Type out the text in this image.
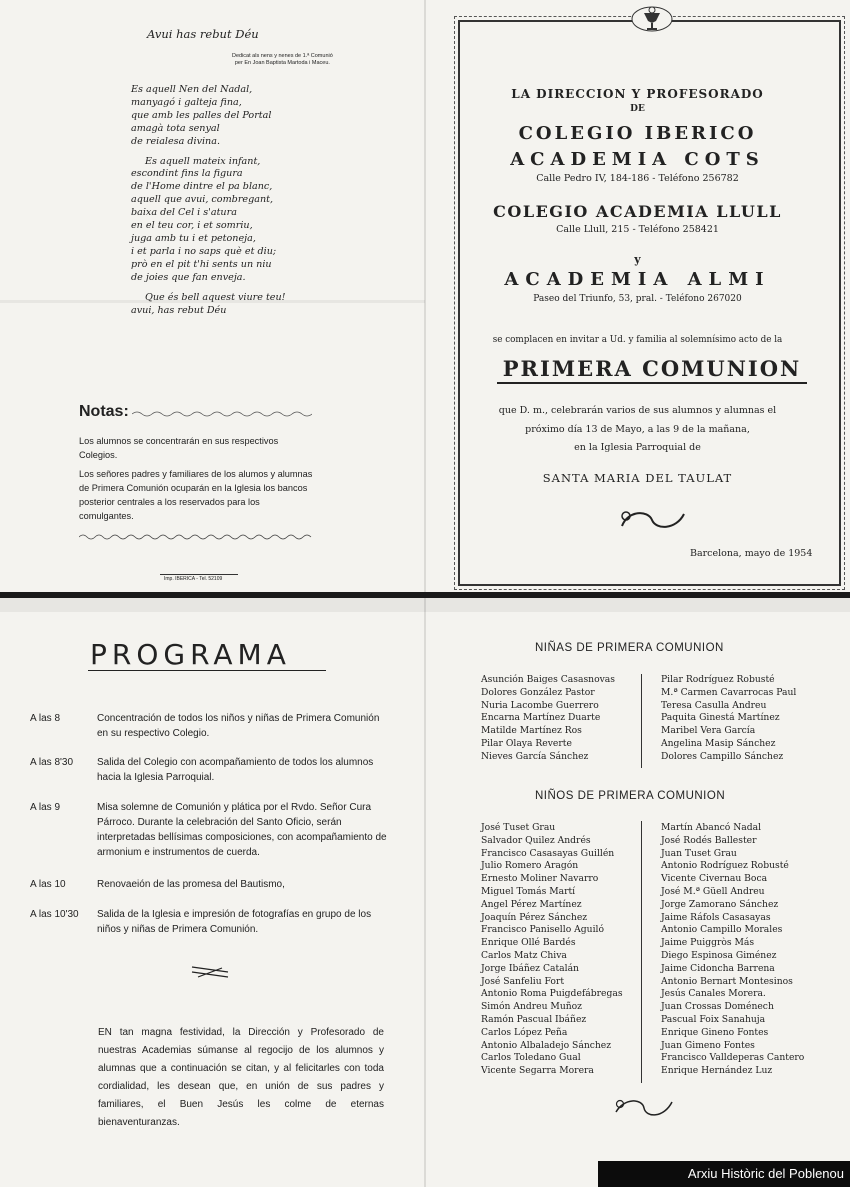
Avui has rebut Déu
Dedicat als nens y nenes de 1.ª Comunió
per En Joan Baptista Martoda i Maceu.

Es aquell Nen del Nadal,

manyagó i galteja fina,

que amb les palles del Portal

amagà tota senyal

de reialesa divina.

Es aquell mateix infant,

escondint fins la figura

de l'Home dintre el pa blanc,

aquell que avui, combregant,

baixa del Cel i s'atura

en el teu cor, i et somriu,

juga amb tu i et petoneja,

i et parla i no saps què et diu;

prò en el pit t'hi sents un niu

de joies que fan enveja.

Que és bell aquest viure teu!

avui, has rebut Déu

Notas:
Los alumnos se concentrarán en sus respectivos Colegios.
Los señores padres y familiares de los alumos y alumnas de Primera Comunión ocuparán en la Iglesia los bancos posterior centrales a los reservados para los comulgantes.
Imp. IBERICA - Tel. 52109
LA DIRECCION Y PROFESORADO
DE
COLEGIO IBERICO
ACADEMIA COTS
Calle Pedro IV, 184-186 - Teléfono 256782
COLEGIO ACADEMIA LLULL
Calle Llull, 215 - Teléfono 258421
y
ACADEMIA ALMI
Paseo del Triunfo, 53, pral. - Teléfono 267020
se complacen en invitar a Ud. y familia al solemnísimo acto de la
PRIMERA COMUNION
que D. m., celebrarán varios de sus alumnos y alumnas el
próximo día 13 de Mayo, a las 9 de la mañana,
en la Iglesia Parroquial de
SANTA MARIA DEL TAULAT
Barcelona, mayo de 1954
PROGRAMA
A las 8	Concentración de todos los niños y niñas de Primera Comunión en su respectivo Colegio.
A las 8'30	Salida del Colegio con acompañamiento de todos los alumnos hacia la Iglesia Parroquial.
A las 9	Misa solemne de Comunión y plática por el Rvdo. Señor Cura Párroco. Durante la celebración del Santo Oficio, serán interpretadas bellísimas composiciones, con acompañamiento de armonium e instrumentos de cuerda.
A las 10	Renovaeión de las promesa del Bautismo,
A las 10'30	Salida de la Iglesia e impresión de fotografías en grupo de los niños y niñas de Primera Comunión.
EN tan magna festividad, la Dirección y Profesorado de nuestras Academias súmanse al regocijo de los alumnos y alumnas que a continuación se citan, y al felicitarles con toda cordialidad, les desean que, en unión de sus padres y familiares, el Buen Jesús les colme de eternas bienaventuranzas.
NIÑAS DE PRIMERA COMUNION
Asunción Baiges Casasnovas
Dolores González Pastor
Nuria Lacombe Guerrero
Encarna Martínez Duarte
Matilde Martínez Ros
Pilar Olaya Reverte
Nieves García Sánchez
Pilar Rodríguez Robusté
M.ª Carmen Cavarrocas Paul
Teresa Casulla Andreu
Paquita Ginestá Martínez
Maribel Vera García
Angelina Masip Sánchez
Dolores Campillo Sánchez
NIÑOS DE PRIMERA COMUNION
José Tuset Grau
Salvador Quilez Andrés
Francisco Casasayas Guillén
Julio Romero Aragón
Ernesto Moliner Navarro
Miguel Tomás Martí
Angel Pérez Martínez
Joaquín Pérez Sánchez
Francisco Panisello Aguiló
Enrique Ollé Bardés
Carlos Matz Chiva
Jorge Ibáñez Catalán
José Sanfeliu Fort
Antonio Roma Puigdefábregas
Simón Andreu Muñoz
Ramón Pascual Ibáñez
Carlos López Peña
Antonio Albaladejo Sánchez
Carlos Toledano Gual
Vicente Segarra Morera
Martín Abancó Nadal
José Rodés Ballester
Juan Tuset Grau
Antonio Rodríguez Robusté
Vicente Civernau Boca
José M.ª Güell Andreu
Jorge Zamorano Sánchez
Jaime Ráfols Casasayas
Antonio Campillo Morales
Jaime Puiggròs Más
Diego Espinosa Giménez
Jaime Cidoncha Barrena
Antonio Bernart Montesinos
Jesús Canales Morera.
Juan Crossas Doménech
Pascual Foix Sanahuja
Enrique Gineno Fontes
Juan Gimeno Fontes
Francisco Valldeperas Cantero
Enrique Hernández Luz
Arxiu Històric del Poblenou
